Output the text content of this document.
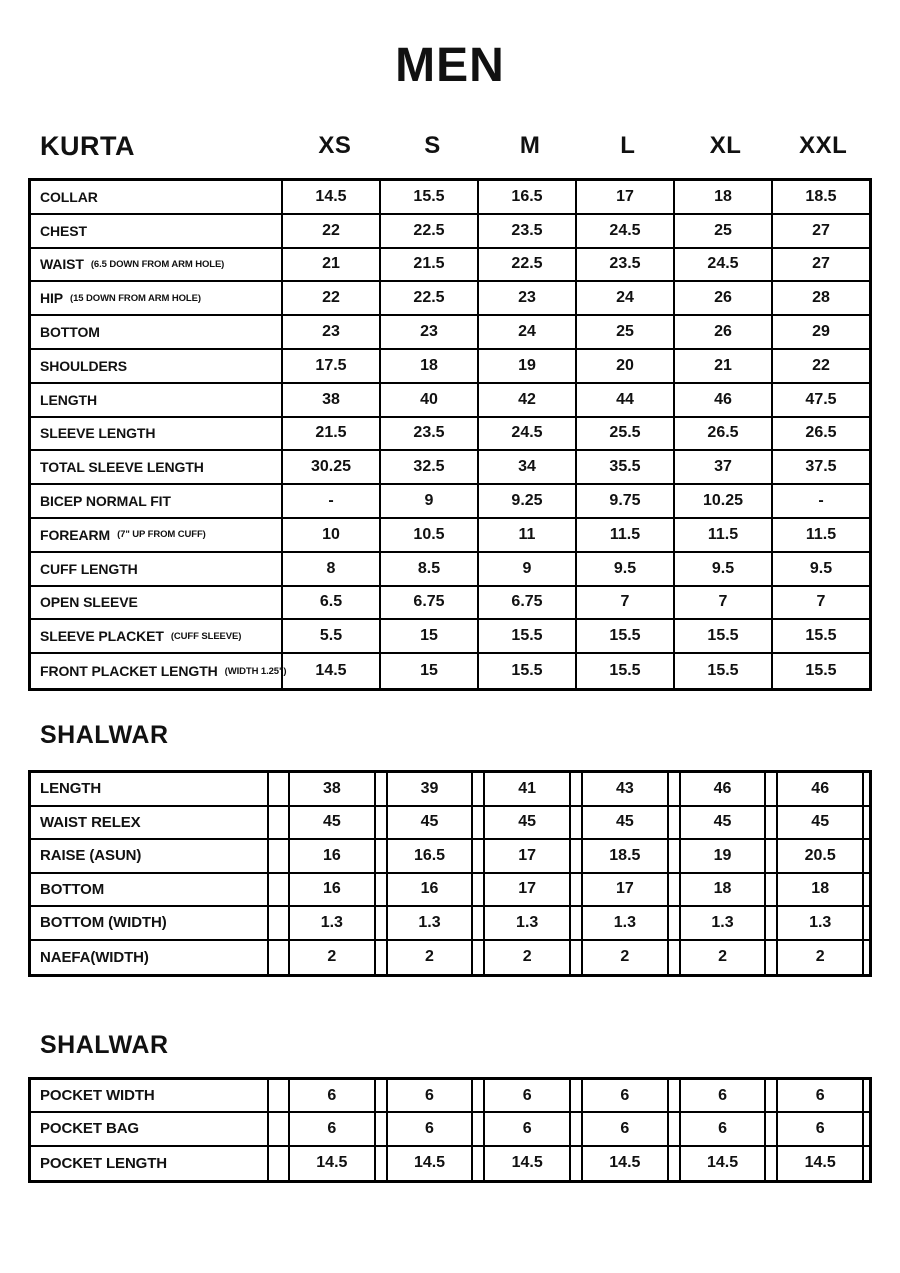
MEN
KURTA	XS	S	M	L	XL	XXL
COLLAR	14.5	15.5	16.5	17	18	18.5
CHEST	22	22.5	23.5	24.5	25	27
WAIST (6.5 DOWN FROM ARM HOLE)	21	21.5	22.5	23.5	24.5	27
HIP (15 DOWN FROM ARM HOLE)	22	22.5	23	24	26	28
BOTTOM	23	23	24	25	26	29
SHOULDERS	17.5	18	19	20	21	22
LENGTH	38	40	42	44	46	47.5
SLEEVE LENGTH	21.5	23.5	24.5	25.5	26.5	26.5
TOTAL SLEEVE LENGTH	30.25	32.5	34	35.5	37	37.5
BICEP NORMAL FIT	-	9	9.25	9.75	10.25	-
FOREARM (7" UP FROM CUFF)	10	10.5	11	11.5	11.5	11.5
CUFF LENGTH	8	8.5	9	9.5	9.5	9.5
OPEN SLEEVE	6.5	6.75	6.75	7	7	7
SLEEVE PLACKET (CUFF SLEEVE)	5.5	15	15.5	15.5	15.5	15.5
FRONT PLACKET LENGTH (WIDTH 1.25")	14.5	15	15.5	15.5	15.5	15.5
SHALWAR
LENGTH	38	39	41	43	46	46
WAIST RELEX	45	45	45	45	45	45
RAISE (ASUN)	16	16.5	17	18.5	19	20.5
BOTTOM	16	16	17	17	18	18
BOTTOM (WIDTH)	1.3	1.3	1.3	1.3	1.3	1.3
NAEFA(WIDTH)	2	2	2	2	2	2
SHALWAR
POCKET WIDTH	6	6	6	6	6	6
POCKET BAG	6	6	6	6	6	6
POCKET LENGTH	14.5	14.5	14.5	14.5	14.5	14.5
